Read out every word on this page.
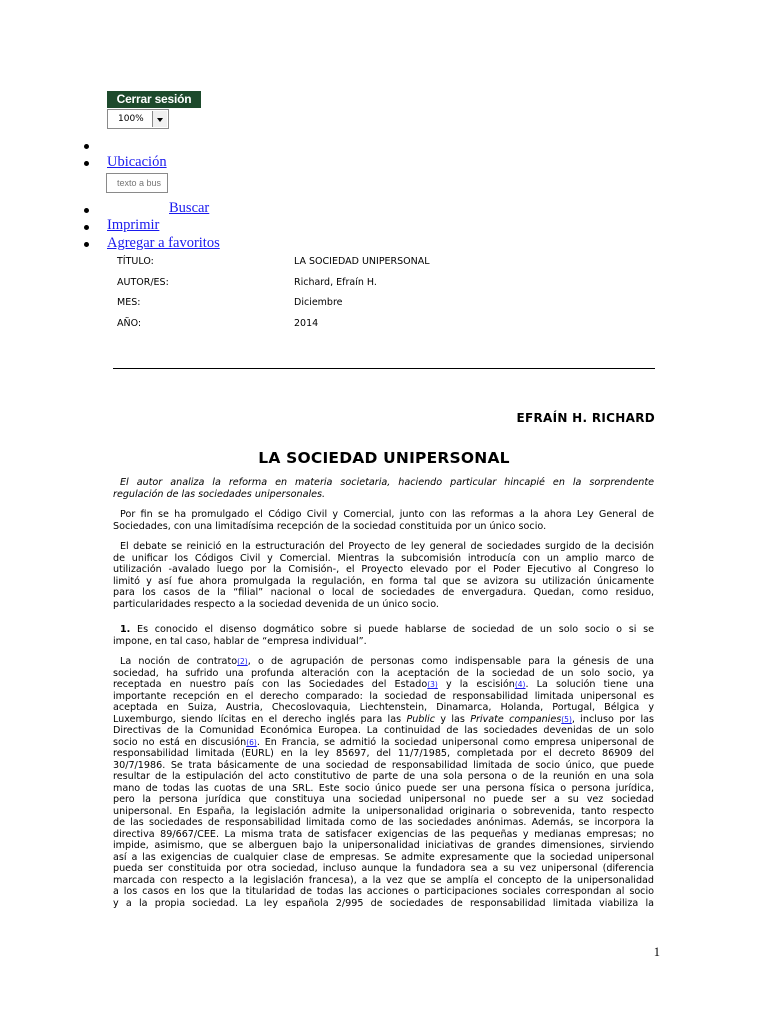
Cerrar sesión
100%
Ubicación
texto a bus
Buscar
Imprimir
Agregar a favoritos
TÍTULO:	LA SOCIEDAD UNIPERSONAL
AUTOR/ES:	Richard, Efraín H.
MES:	Diciembre
AÑO:	2014
EFRAÍN H. RICHARD
LA SOCIEDAD UNIPERSONAL
El autor analiza la reforma en materia societaria, haciendo particular hincapié en la sorprendente
regulación de las sociedades unipersonales.
Por fin se ha promulgado el Código Civil y Comercial, junto con las reformas a la ahora Ley General de
Sociedades, con una limitadísima recepción de la sociedad constituida por un único socio.
El debate se reinició en la estructuración del Proyecto de ley general de sociedades surgido de la decisión
de unificar los Códigos Civil y Comercial. Mientras la subcomisión introducía con un amplio marco de
utilización -avalado luego por la Comisión-, el Proyecto elevado por el Poder Ejecutivo al Congreso lo
limitó y así fue ahora promulgada la regulación, en forma tal que se avizora su utilización únicamente
para los casos de la “filial” nacional o local de sociedades de envergadura. Quedan, como residuo,
particularidades respecto a la sociedad devenida de un único socio.
1. Es conocido el disenso dogmático sobre si puede hablarse de sociedad de un solo socio o si se
impone, en tal caso, hablar de “empresa individual”.
La noción de contrato(2), o de agrupación de personas como indispensable para la génesis de una
sociedad, ha sufrido una profunda alteración con la aceptación de la sociedad de un solo socio, ya
receptada en nuestro país con las Sociedades del Estado(3) y la escisión(4). La solución tiene una
importante recepción en el derecho comparado: la sociedad de responsabilidad limitada unipersonal es
aceptada en Suiza, Austria, Checoslovaquia, Liechtenstein, Dinamarca, Holanda, Portugal, Bélgica y
Luxemburgo, siendo lícitas en el derecho inglés para las Public y las Private companies(5), incluso por las
Directivas de la Comunidad Económica Europea. La continuidad de las sociedades devenidas de un solo
socio no está en discusión(6). En Francia, se admitió la sociedad unipersonal como empresa unipersonal de
responsabilidad limitada (EURL) en la ley 85697, del 11/7/1985, completada por el decreto 86909 del
30/7/1986. Se trata básicamente de una sociedad de responsabilidad limitada de socio único, que puede
resultar de la estipulación del acto constitutivo de parte de una sola persona o de la reunión en una sola
mano de todas las cuotas de una SRL. Este socio único puede ser una persona física o persona jurídica,
pero la persona jurídica que constituya una sociedad unipersonal no puede ser a su vez sociedad
unipersonal. En España, la legislación admite la unipersonalidad originaria o sobrevenida, tanto respecto
de las sociedades de responsabilidad limitada como de las sociedades anónimas. Además, se incorpora la
directiva 89/667/CEE. La misma trata de satisfacer exigencias de las pequeñas y medianas empresas; no
impide, asimismo, que se alberguen bajo la unipersonalidad iniciativas de grandes dimensiones, sirviendo
así a las exigencias de cualquier clase de empresas. Se admite expresamente que la sociedad unipersonal
pueda ser constituida por otra sociedad, incluso aunque la fundadora sea a su vez unipersonal (diferencia
marcada con respecto a la legislación francesa), a la vez que se amplía el concepto de la unipersonalidad
a los casos en los que la titularidad de todas las acciones o participaciones sociales correspondan al socio
y a la propia sociedad. La ley española 2/995 de sociedades de responsabilidad limitada viabiliza la
1
